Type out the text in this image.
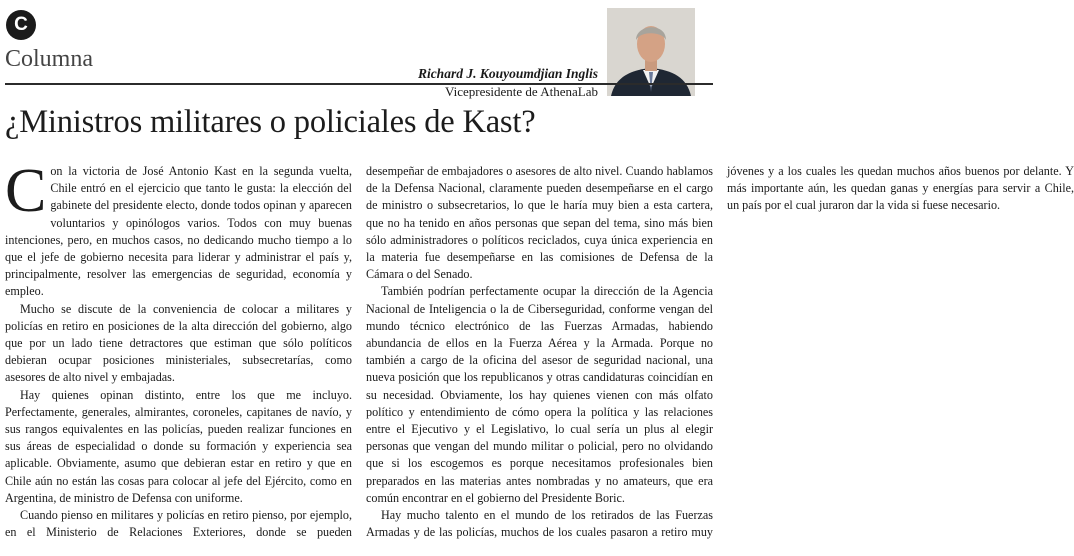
C
Columna
Richard J. Kouyoumdjian Inglis
Vicepresidente de AthenaLab
¿Ministros militares o policiales de Kast?

Con la victoria de José Antonio Kast en la segunda vuelta, Chile entró en el ejercicio que tanto le gusta: la elección del gabinete del presidente electo, donde todos opinan y aparecen voluntarios y opinólogos varios. Todos con muy buenas intenciones, pero, en muchos casos, no dedicando mucho tiempo a lo que el jefe de gobierno necesita para liderar y administrar el país y, principalmente, resolver las emergencias de seguridad, economía y empleo.

Mucho se discute de la conveniencia de colocar a militares y policías en retiro en posiciones de la alta dirección del gobierno, algo que por un lado tiene detractores que estiman que sólo políticos debieran ocupar posiciones ministeriales, subsecretarías, como asesores de alto nivel y embajadas.

Hay quienes opinan distinto, entre los que me incluyo. Perfectamente, generales, almirantes, coroneles, capitanes de navío, y sus rangos equivalentes en las policías, pueden realizar funciones en sus áreas de especialidad o donde su formación y experiencia sea aplicable. Obviamente, asumo que debieran estar en retiro y que en Chile aún no están las cosas para colocar al jefe del Ejército, como en Argentina, de ministro de Defensa con uniforme.

Cuando pienso en militares y policías en retiro pienso, por ejemplo, en el Ministerio de Relaciones Exteriores, donde se pueden desempeñar de embajadores o asesores de alto nivel. Cuando hablamos de la Defensa Nacional, claramente pueden desempeñarse en el cargo de ministro o subsecretarios, lo que le haría muy bien a esta cartera, que no ha tenido en años personas que sepan del tema, sino más bien sólo administradores o políticos reciclados, cuya única experiencia en la materia fue desempeñarse en las comisiones de Defensa de la Cámara o del Senado.

También podrían perfectamente ocupar la dirección de la Agencia Nacional de Inteligencia o la de Ciberseguridad, conforme vengan del mundo técnico electrónico de las Fuerzas Armadas, habiendo abundancia de ellos en la Fuerza Aérea y la Armada. Porque no también a cargo de la oficina del asesor de seguridad nacional, una nueva posición que los republicanos y otras candidaturas coincidían en su necesidad. Obviamente, los hay quienes vienen con más olfato político y entendimiento de cómo opera la política y las relaciones entre el Ejecutivo y el Legislativo, lo cual sería un plus al elegir personas que vengan del mundo militar o policial, pero no olvidando que si los escogemos es porque necesitamos profesionales bien preparados en las materias antes nombradas y no amateurs, que era común encontrar en el gobierno del Presidente Boric.

Hay mucho talento en el mundo de los retirados de las Fuerzas Armadas y de las policías, muchos de los cuales pasaron a retiro muy jóvenes y a los cuales les quedan muchos años buenos por delante. Y más importante aún, les quedan ganas y energías para servir a Chile, un país por el cual juraron dar la vida si fuese necesario.
